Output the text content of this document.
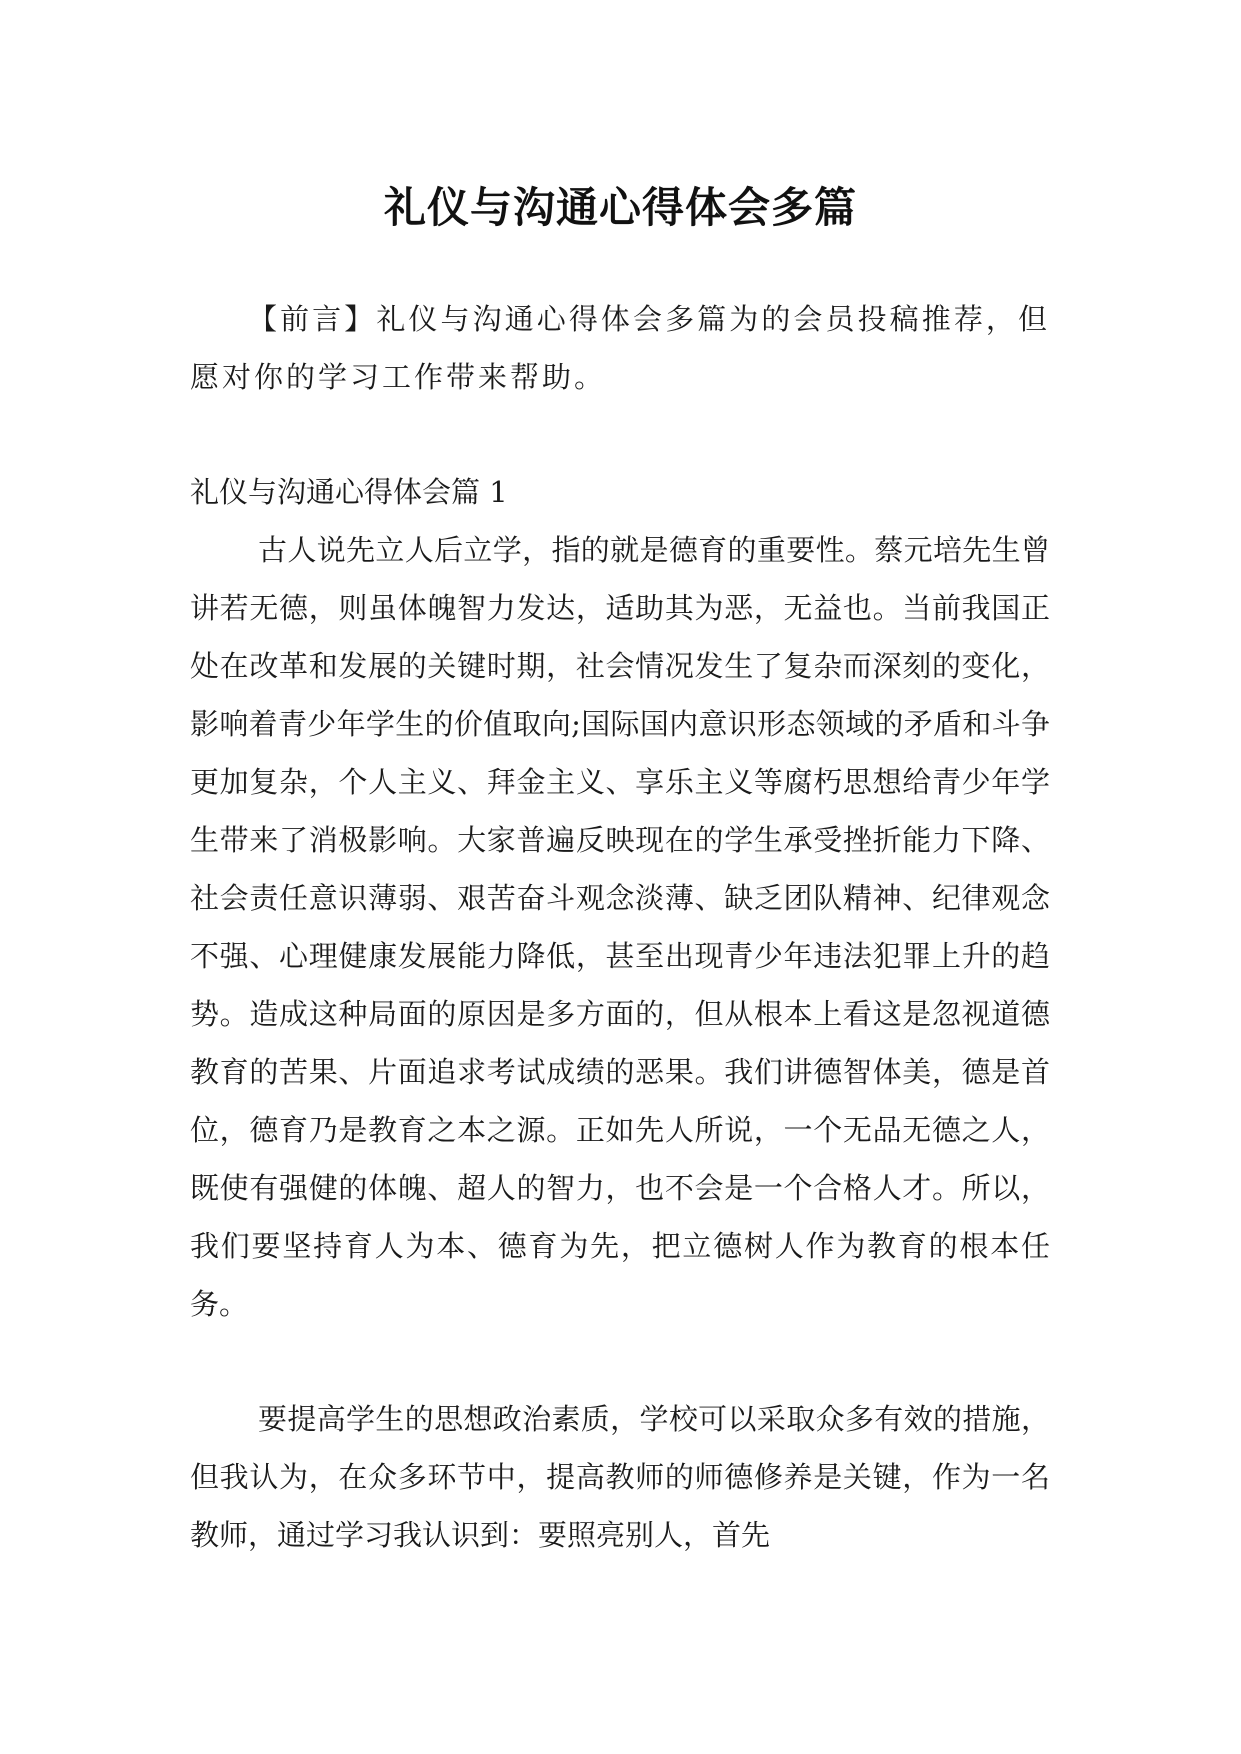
礼仪与沟通心得体会多篇

【前言】礼仪与沟通心得体会多篇为的会员投稿推荐，但愿对你的学习工作带来帮助。

礼仪与沟通心得体会篇 1

古人说先立人后立学，指的就是德育的重要性。蔡元培先生曾讲若无德，则虽体魄智力发达，适助其为恶，无益也。当前我国正处在改革和发展的关键时期，社会情况发生了复杂而深刻的变化，影响着青少年学生的价值取向;国际国内意识形态领域的矛盾和斗争更加复杂，个人主义、拜金主义、享乐主义等腐朽思想给青少年学生带来了消极影响。大家普遍反映现在的学生承受挫折能力下降、社会责任意识薄弱、艰苦奋斗观念淡薄、缺乏团队精神、纪律观念不强、心理健康发展能力降低，甚至出现青少年违法犯罪上升的趋势。造成这种局面的原因是多方面的，但从根本上看这是忽视道德教育的苦果、片面追求考试成绩的恶果。我们讲德智体美，德是首位，德育乃是教育之本之源。正如先人所说，一个无品无德之人，既使有强健的体魄、超人的智力，也不会是一个合格人才。所以，我们要坚持育人为本、德育为先，把立德树人作为教育的根本任务。

要提高学生的思想政治素质，学校可以采取众多有效的措施，但我认为，在众多环节中，提高教师的师德修养是关键，作为一名教师，通过学习我认识到：要照亮别人，首先
